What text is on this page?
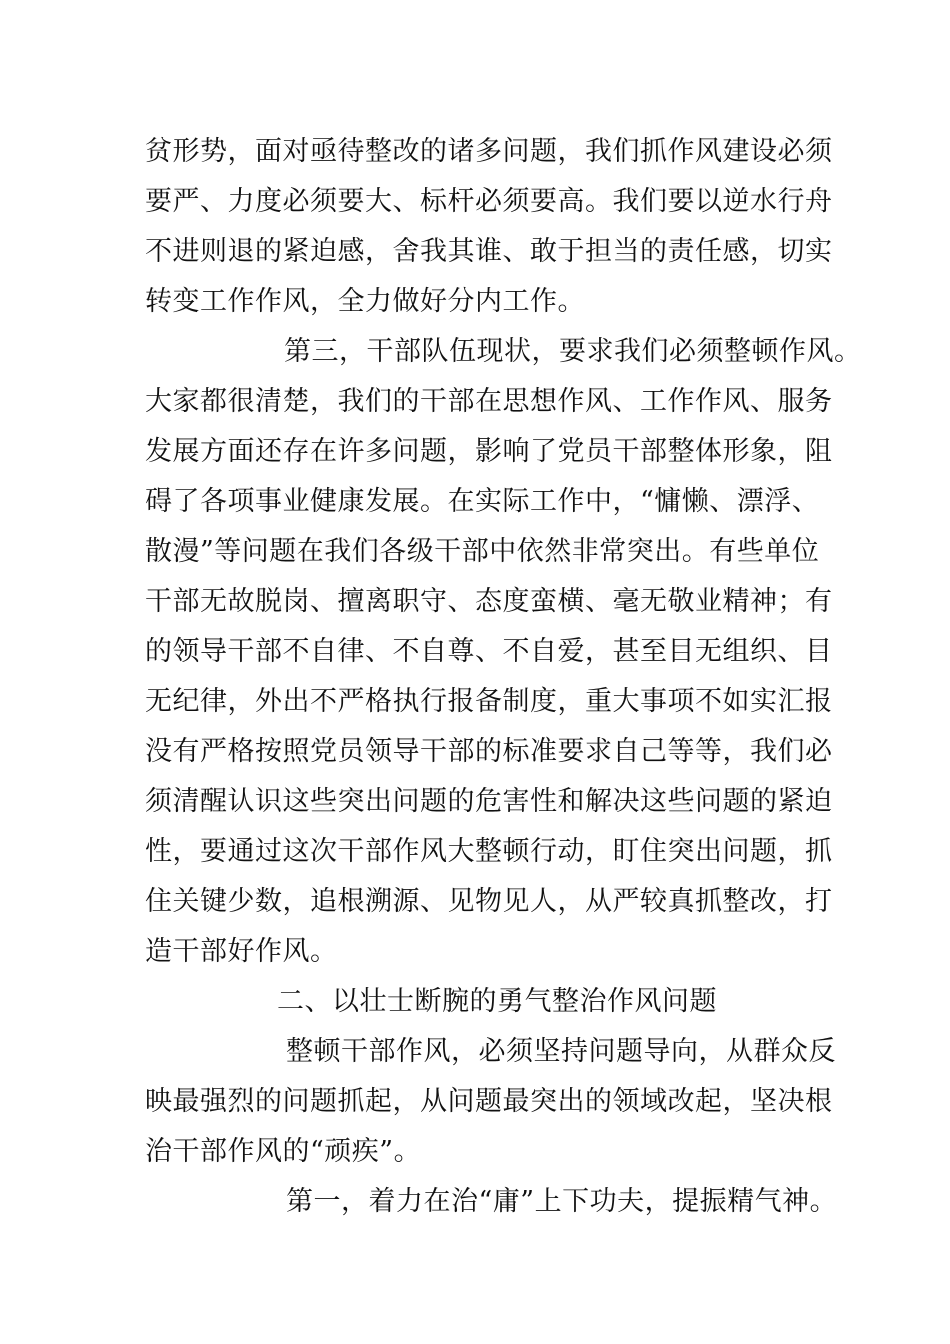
贫形势，面对亟待整改的诸多问题，我们抓作风建设必须
要严、力度必须要大、标杆必须要高。我们要以逆水行舟
不进则退的紧迫感，舍我其谁、敢于担当的责任感，切实
转变工作作风，全力做好分内工作。
第三，干部队伍现状，要求我们必须整顿作风。
大家都很清楚，我们的干部在思想作风、工作作风、服务
发展方面还存在许多问题，影响了党员干部整体形象，阻
碍了各项事业健康发展。在实际工作中，“慵懒、漂浮、
散漫”等问题在我们各级干部中依然非常突出。有些单位
干部无故脱岗、擅离职守、态度蛮横、毫无敬业精神；有
的领导干部不自律、不自尊、不自爱，甚至目无组织、目
无纪律，外出不严格执行报备制度，重大事项不如实汇报
没有严格按照党员领导干部的标准要求自己等等，我们必
须清醒认识这些突出问题的危害性和解决这些问题的紧迫
性，要通过这次干部作风大整顿行动，盯住突出问题，抓
住关键少数，追根溯源、见物见人，从严较真抓整改，打
造干部好作风。
二、以壮士断腕的勇气整治作风问题
整顿干部作风，必须坚持问题导向，从群众反
映最强烈的问题抓起，从问题最突出的领域改起，坚决根
治干部作风的“顽疾”。
第一，着力在治“庸”上下功夫，提振精气神。
